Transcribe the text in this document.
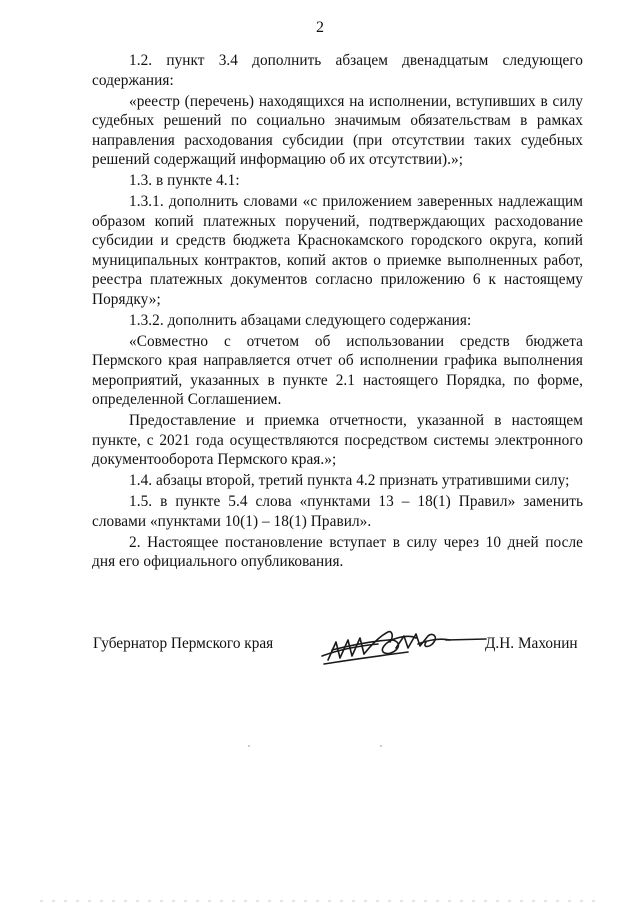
2

1.2. пункт 3.4 дополнить абзацем двенадцатым следующего содержания:

«реестр (перечень) находящихся на исполнении, вступивших в силу судебных решений по социально значимым обязательствам в рамках направления расходования субсидии (при отсутствии таких судебных решений содержащий информацию об их отсутствии).»;

1.3. в пункте 4.1:

1.3.1. дополнить словами «с приложением заверенных надлежащим образом копий платежных поручений, подтверждающих расходование субсидии и средств бюджета Краснокамского городского округа, копий муниципальных контрактов, копий актов о приемке выполненных работ, реестра платежных документов согласно приложению 6 к настоящему Порядку»;

1.3.2. дополнить абзацами следующего содержания:

«Совместно с отчетом об использовании средств бюджета Пермского края направляется отчет об исполнении графика выполнения мероприятий, указанных в пункте 2.1 настоящего Порядка, по форме, определенной Соглашением.

Предоставление и приемка отчетности, указанной в настоящем пункте, с 2021 года осуществляются посредством системы электронного документооборота Пермского края.»;

1.4. абзацы второй, третий пункта 4.2 признать утратившими силу;

1.5. в пункте 5.4 слова «пунктами 13 – 18(1) Правил» заменить словами «пунктами 10(1) – 18(1) Правил».

2. Настоящее постановление вступает в силу через 10 дней после дня его официального опубликования.

Губернатор Пермского края	Д.Н. Махонин
